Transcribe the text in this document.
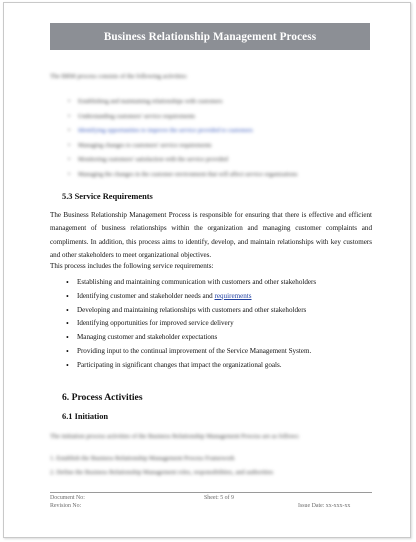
Business Relationship Management Process
The BRM process consists of the following activities:
• Establishing and maintaining relationships with customers
• Understanding customers' service requirements
• Identifying opportunities to improve the service provided to customers
• Managing changes to customers' service requirements
• Monitoring customers' satisfaction with the service provided
• Managing the changes in the customer environment that will affect service organizations
5.3 Service Requirements
The Business Relationship Management Process is responsible for ensuring that there is effective and efficient management of business relationships within the organization and managing customer complaints and compliments. In addition, this process aims to identify, develop, and maintain relationships with key customers and other stakeholders to meet organizational objectives.
This process includes the following service requirements:
• Establishing and maintaining communication with customers and other stakeholders
• Identifying customer and stakeholder needs and requirements
• Developing and maintaining relationships with customers and other stakeholders
• Identifying opportunities for improved service delivery
• Managing customer and stakeholder expectations
• Providing input to the continual improvement of the Service Management System.
• Participating in significant changes that impact the organizational goals.
6. Process Activities
6.1 Initiation
The initiation process activities of the Business Relationship Management Process are as follows:
1. Establish the Business Relationship Management Process Framework
2. Define the Business Relationship Management roles, responsibilities, and authorities
Document No:
Revision No:
Sheet: 5 of 9
Issue Date: xx-xxx-xx
